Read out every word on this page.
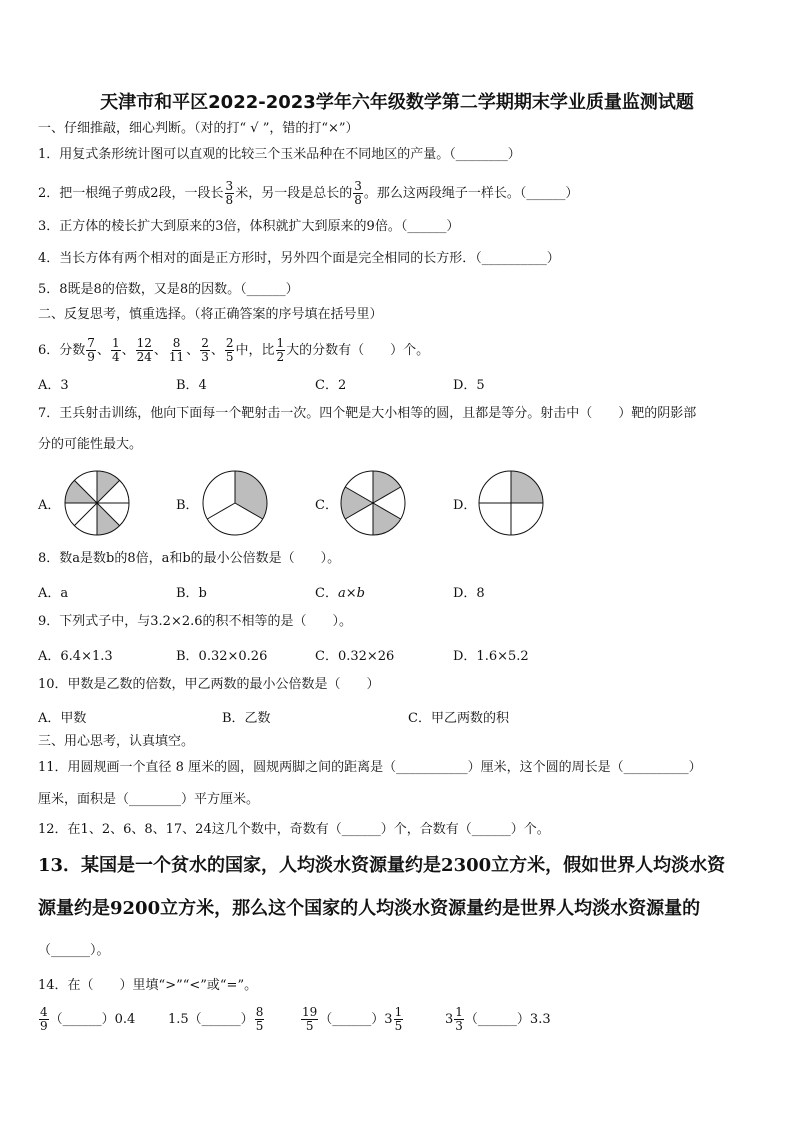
天津市和平区2022-2023学年六年级数学第二学期期末学业质量监测试题
一、仔细推敲，细心判断。（对的打“ √ ”，错的打“×”）
1．用复式条形统计图可以直观的比较三个玉米品种在不同地区的产量。（________）
2．把一根绳子剪成2段，一段长 $\frac{3}{8}$ 米，另一段是总长的 $\frac{3}{8}$ 。那么这两段绳子一样长。（______）
3．正方体的棱长扩大到原来的3倍，体积就扩大到原来的9倍。（______）
4．当长方体有两个相对的面是正方形时，另外四个面是完全相同的长方形．（__________）
5．8既是8的倍数，又是8的因数。（______）
二、反复思考，慎重选择。（将正确答案的序号填在括号里）
6．分数 $\frac{7}{9}$ 、 $\frac{1}{4}$ 、 $\frac{12}{24}$ 、 $\frac{8}{11}$ 、 $\frac{2}{3}$ 、 $\frac{2}{5}$ 中，比 $\frac{1}{2}$ 大的分数有（　　）个。
A．3	B．4	C．2	D．5
7．王兵射击训练，他向下面每一个靶射击一次。四个靶是大小相等的圆，且都是等分。射击中（　　）靶的阴影部
分的可能性最大。
A．	B．	C．	D．
8．数a是数b的8倍，a和b的最小公倍数是（　　）。
A．a	B．b	C．a×b	D．8
9．下列式子中，与3.2×2.6的积不相等的是（　　）。
A．6.4×1.3	B．0.32×0.26	C．0.32×26	D．1.6×5.2
10．甲数是乙数的倍数，甲乙两数的最小公倍数是（　　）
A．甲数	B．乙数	C．甲乙两数的积
三、用心思考，认真填空。
11．用圆规画一个直径 8 厘米的圆，圆规两脚之间的距离是（___________）厘米，这个圆的周长是（__________）
厘米，面积是（________）平方厘米。
12．在1、2、6、8、17、24这几个数中，奇数有（______）个，合数有（______）个。
13．某国是一个贫水的国家，人均淡水资源量约是2300立方米，假如世界人均淡水资
源量约是9200立方米，那么这个国家的人均淡水资源量约是世界人均淡水资源量的
（______）。
14．在（　　）里填“>”“<”或“=”。
$\frac{4}{9}$ （______）0.4	1.5（______） $\frac{8}{5}$	$\frac{19}{5}$ （______）3 $\frac{1}{5}$	$3 \frac{1}{3}$ （______）3.3
